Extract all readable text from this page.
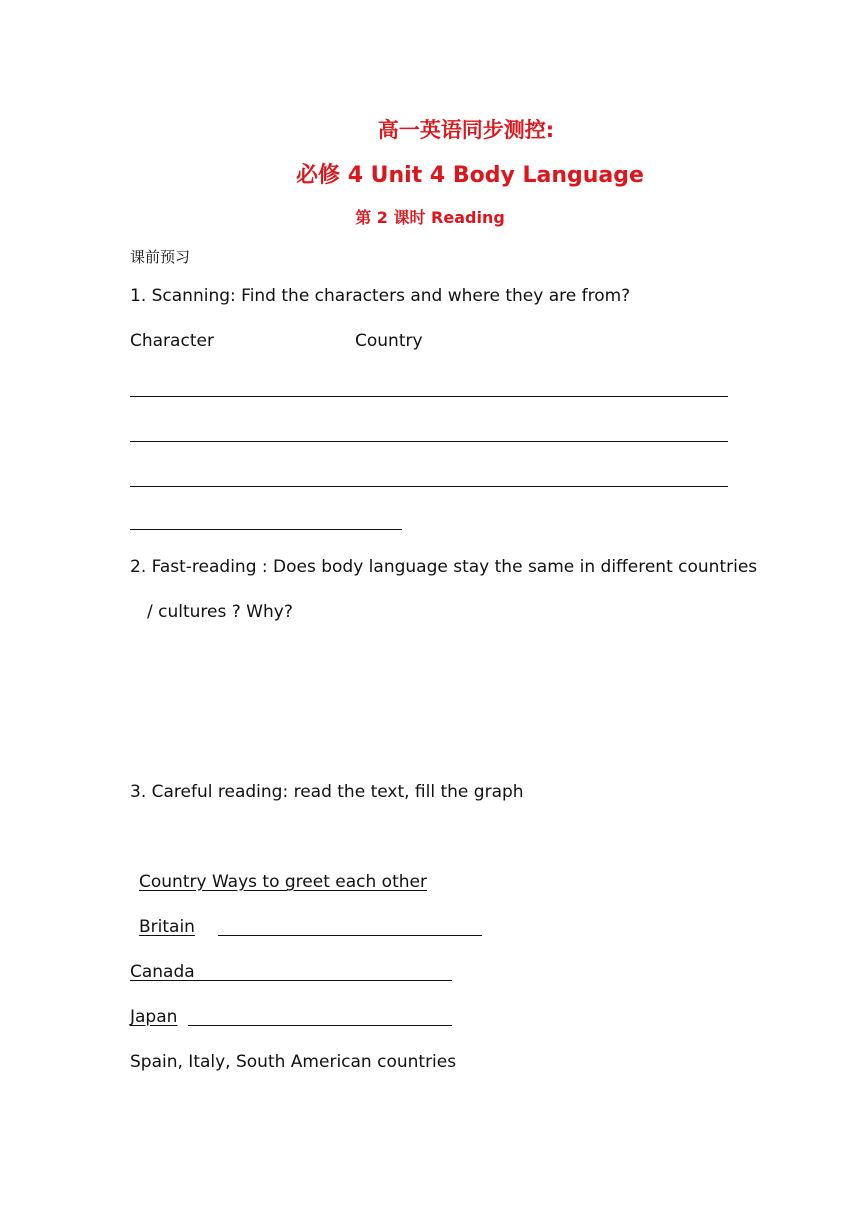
高一英语同步测控:
必修 4 Unit 4 Body Language
第 2 课时 Reading
课前预习
1. Scanning: Find the characters and where they are from?
Character	Country
2. Fast-reading : Does body language stay the same in different countries
/ cultures ? Why?
3. Careful reading: read the text, fill the graph
Country Ways to greet each other
Britain
Canada
Japan
Spain, Italy, South American countries
